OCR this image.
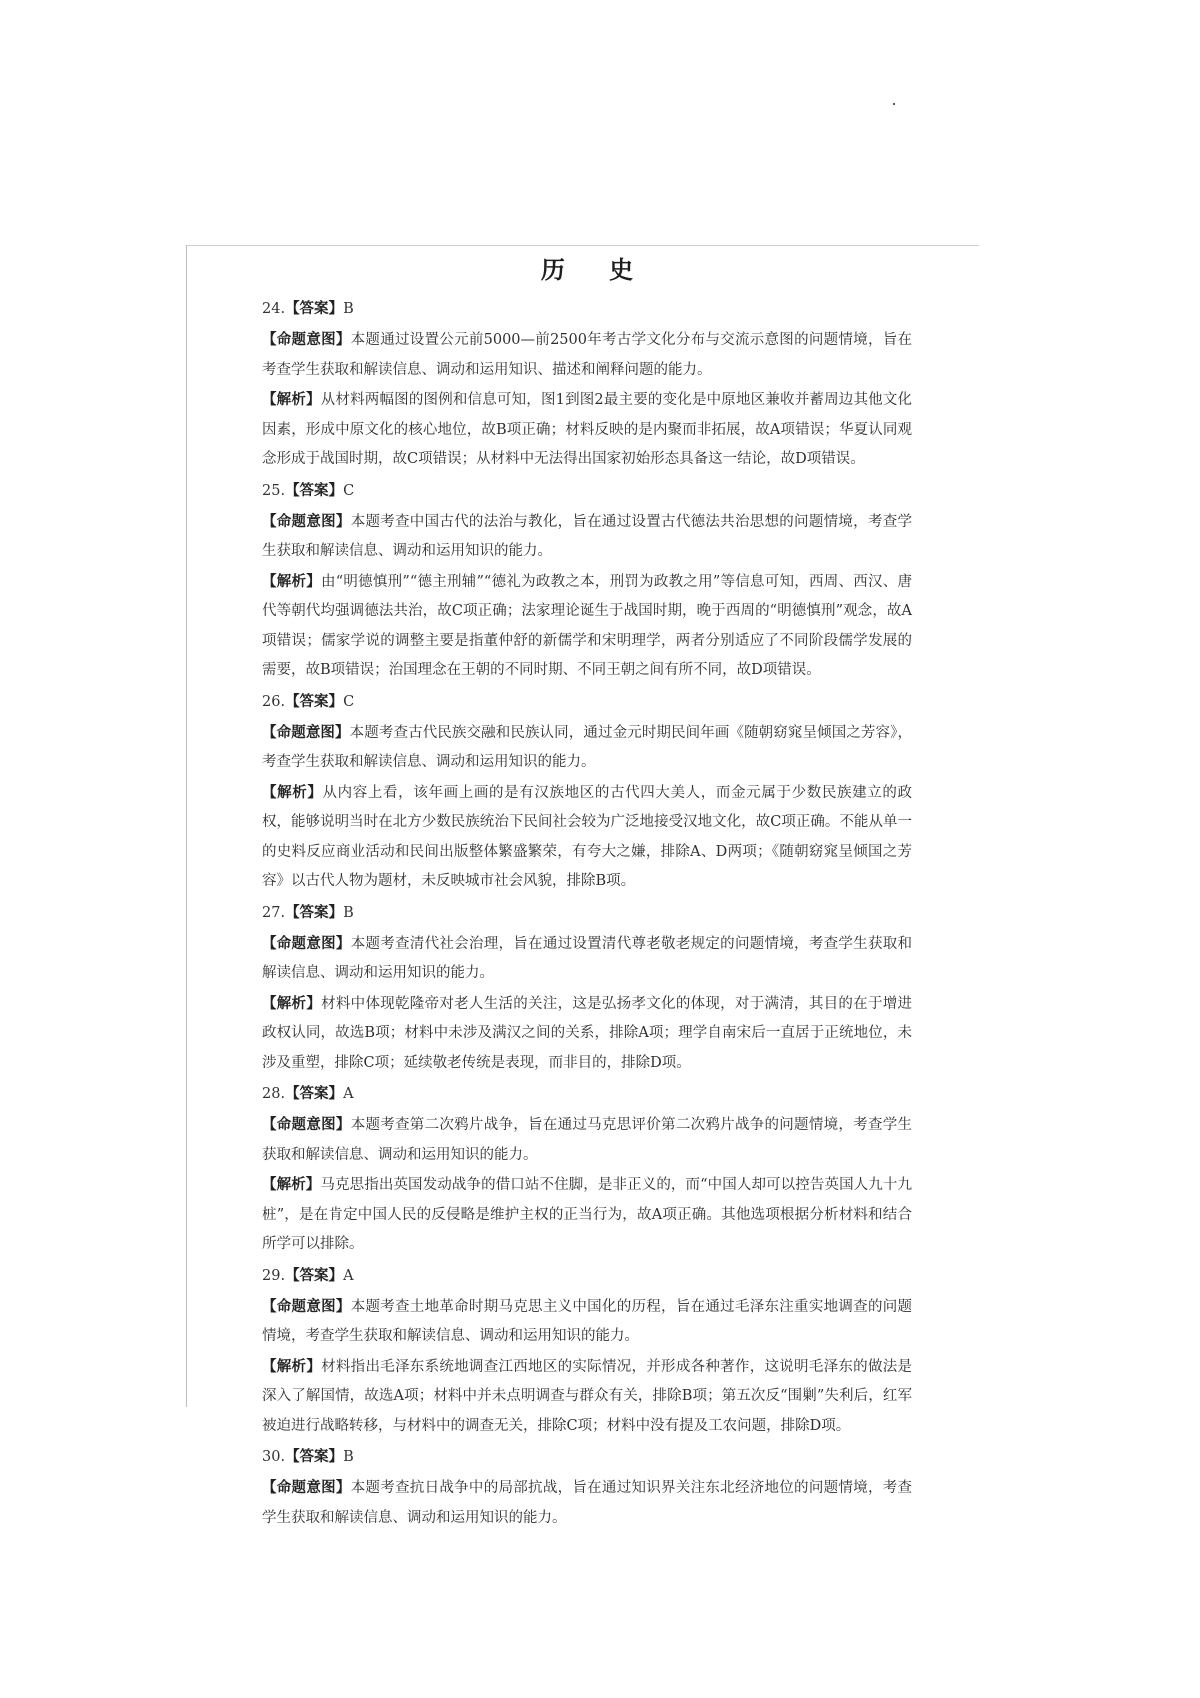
历 史

24.【答案】B

【命题意图】本题通过设置公元前5000—前2500年考古学文化分布与交流示意图的问题情境，旨在考查学生获取和解读信息、调动和运用知识、描述和阐释问题的能力。

【解析】从材料两幅图的图例和信息可知，图1到图2最主要的变化是中原地区兼收并蓄周边其他文化因素，形成中原文化的核心地位，故B项正确；材料反映的是内聚而非拓展，故A项错误；华夏认同观念形成于战国时期，故C项错误；从材料中无法得出国家初始形态具备这一结论，故D项错误。

25.【答案】C

【命题意图】本题考查中国古代的法治与教化，旨在通过设置古代德法共治思想的问题情境，考查学生获取和解读信息、调动和运用知识的能力。

【解析】由“明德慎刑”“德主刑辅”“德礼为政教之本，刑罚为政教之用”等信息可知，西周、西汉、唐代等朝代均强调德法共治，故C项正确；法家理论诞生于战国时期，晚于西周的“明德慎刑”观念，故A项错误；儒家学说的调整主要是指董仲舒的新儒学和宋明理学，两者分别适应了不同阶段儒学发展的需要，故B项错误；治国理念在王朝的不同时期、不同王朝之间有所不同，故D项错误。

26.【答案】C

【命题意图】本题考查古代民族交融和民族认同，通过金元时期民间年画《随朝窈窕呈倾国之芳容》，考查学生获取和解读信息、调动和运用知识的能力。

【解析】从内容上看，该年画上画的是有汉族地区的古代四大美人，而金元属于少数民族建立的政权，能够说明当时在北方少数民族统治下民间社会较为广泛地接受汉地文化，故C项正确。不能从单一的史料反应商业活动和民间出版整体繁盛繁荣，有夸大之嫌，排除A、D两项；《随朝窈窕呈倾国之芳容》以古代人物为题材，未反映城市社会风貌，排除B项。

27.【答案】B

【命题意图】本题考查清代社会治理，旨在通过设置清代尊老敬老规定的问题情境，考查学生获取和解读信息、调动和运用知识的能力。

【解析】材料中体现乾隆帝对老人生活的关注，这是弘扬孝文化的体现，对于满清，其目的在于增进政权认同，故选B项；材料中未涉及满汉之间的关系，排除A项；理学自南宋后一直居于正统地位，未涉及重塑，排除C项；延续敬老传统是表现，而非目的，排除D项。

28.【答案】A

【命题意图】本题考查第二次鸦片战争，旨在通过马克思评价第二次鸦片战争的问题情境，考查学生获取和解读信息、调动和运用知识的能力。

【解析】马克思指出英国发动战争的借口站不住脚，是非正义的，而“中国人却可以控告英国人九十九桩”，是在肯定中国人民的反侵略是维护主权的正当行为，故A项正确。其他选项根据分析材料和结合所学可以排除。

29.【答案】A

【命题意图】本题考查土地革命时期马克思主义中国化的历程，旨在通过毛泽东注重实地调查的问题情境，考查学生获取和解读信息、调动和运用知识的能力。

【解析】材料指出毛泽东系统地调查江西地区的实际情况，并形成各种著作，这说明毛泽东的做法是深入了解国情，故选A项；材料中并未点明调查与群众有关，排除B项；第五次反“围剿”失利后，红军被迫进行战略转移，与材料中的调查无关，排除C项；材料中没有提及工农问题，排除D项。

30.【答案】B

【命题意图】本题考查抗日战争中的局部抗战，旨在通过知识界关注东北经济地位的问题情境，考查学生获取和解读信息、调动和运用知识的能力。
